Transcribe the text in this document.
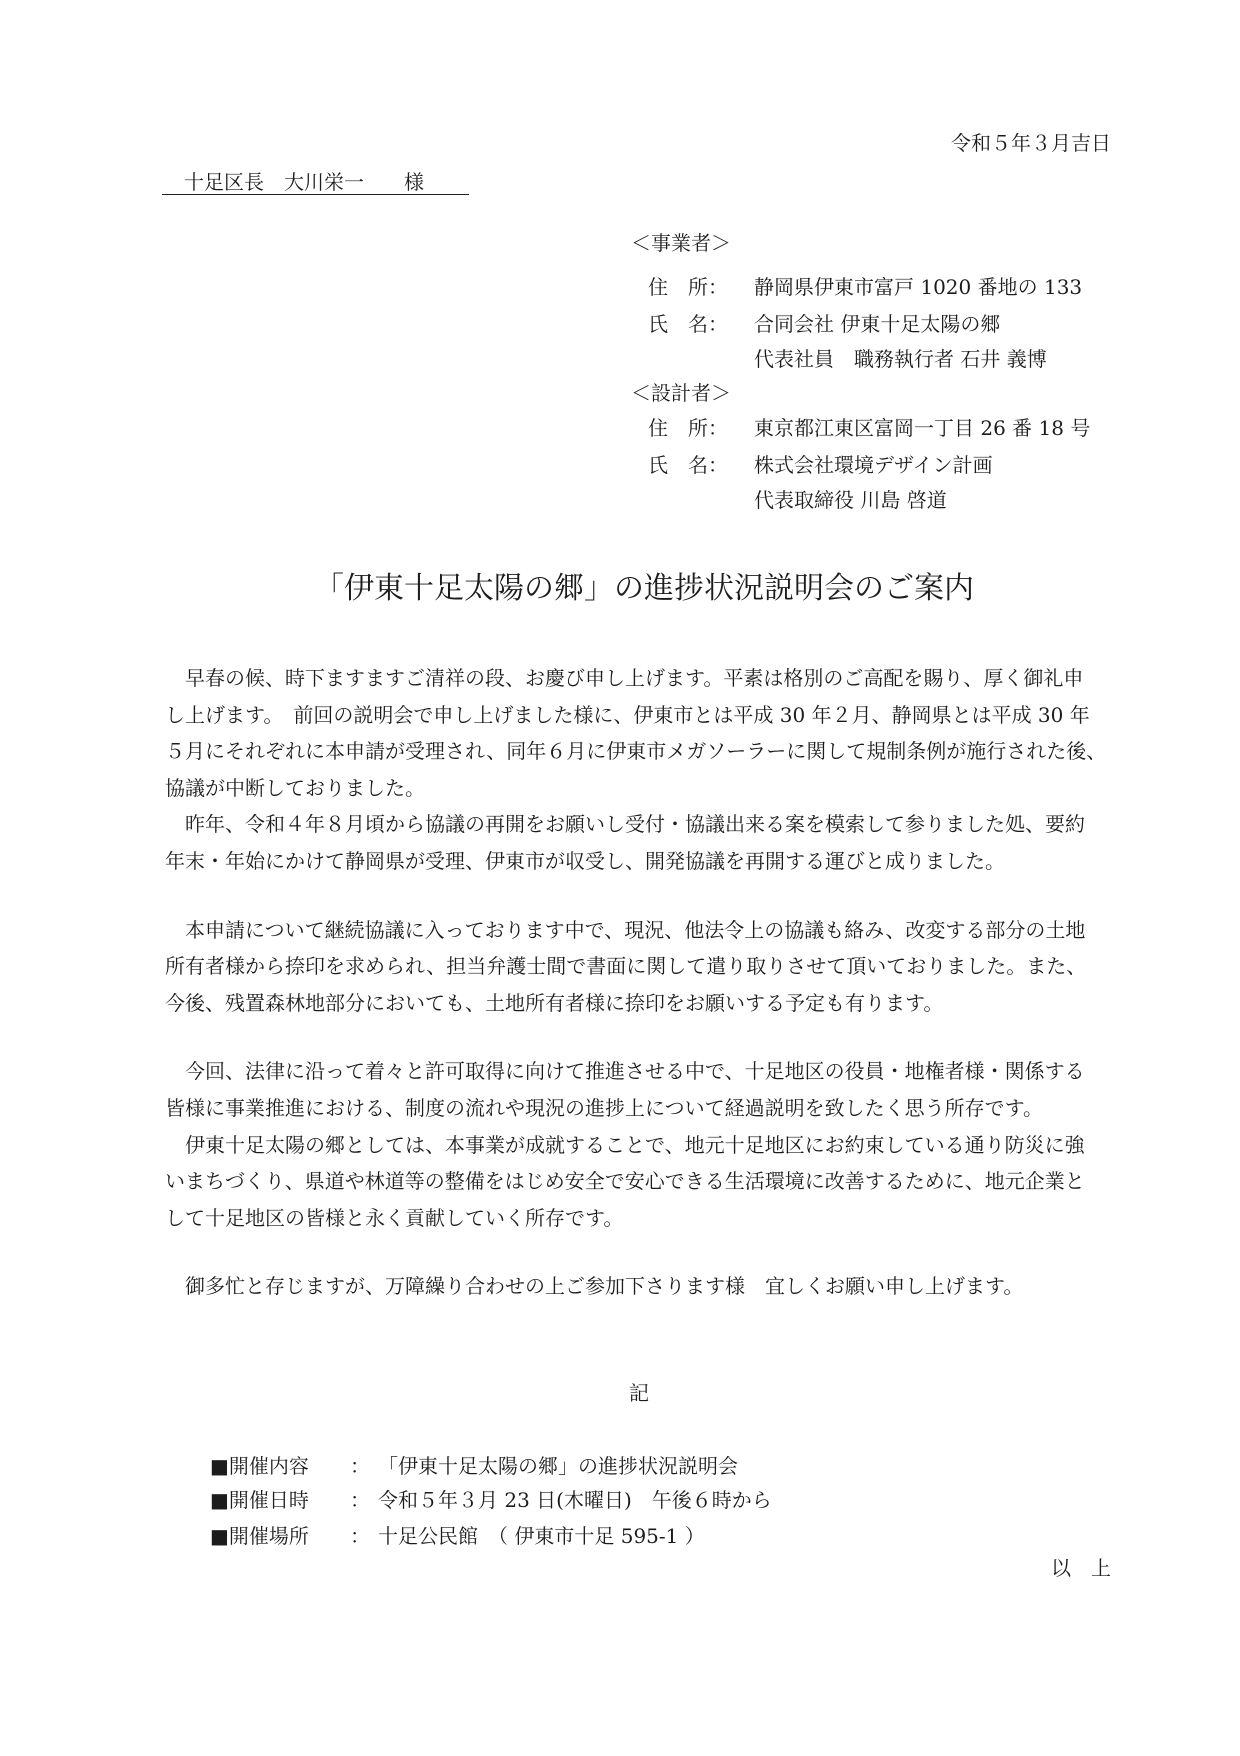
令和５年３月吉日
十足区長　大川栄一　　様
＜事業者＞
住　所： 静岡県伊東市富戸 1020 番地の 133
氏　名： 合同会社 伊東十足太陽の郷
代表社員　職務執行者 石井 義博
＜設計者＞
住　所： 東京都江東区富岡一丁目 26 番 18 号
氏　名： 株式会社環境デザイン計画
代表取締役 川島 啓道
「伊東十足太陽の郷」の進捗状況説明会のご案内
早春の候、時下ますますご清祥の段、お慶び申し上げます。平素は格別のご高配を賜り、厚く御礼申
し上げます。　前回の説明会で申し上げました様に、伊東市とは平成 30 年２月、静岡県とは平成 30 年
５月にそれぞれに本申請が受理され、同年６月に伊東市メガソーラーに関して規制条例が施行された後、
協議が中断しておりました。
昨年、令和４年８月頃から協議の再開をお願いし受付・協議出来る案を模索して参りました処、要約
年末・年始にかけて静岡県が受理、伊東市が収受し、開発協議を再開する運びと成りました。
本申請について継続協議に入っております中で、現況、他法令上の協議も絡み、改変する部分の土地
所有者様から捺印を求められ、担当弁護士間で書面に関して遣り取りさせて頂いておりました。また、
今後、残置森林地部分においても、土地所有者様に捺印をお願いする予定も有ります。
今回、法律に沿って着々と許可取得に向けて推進させる中で、十足地区の役員・地権者様・関係する
皆様に事業推進における、制度の流れや現況の進捗上について経過説明を致したく思う所存です。
伊東十足太陽の郷としては、本事業が成就することで、地元十足地区にお約束している通り防災に強
いまちづくり、県道や林道等の整備をはじめ安全で安心できる生活環境に改善するために、地元企業と
して十足地区の皆様と永く貢献していく所存です。
御多忙と存じますが、万障繰り合わせの上ご参加下さります様　宜しくお願い申し上げます。
記
■開催内容 ： 「伊東十足太陽の郷」の進捗状況説明会
■開催日時 ： 令和５年３月 23 日(木曜日)　午後６時から
■開催場所 ： 十足公民館　（ 伊東市十足 595-1 ）
以　上
